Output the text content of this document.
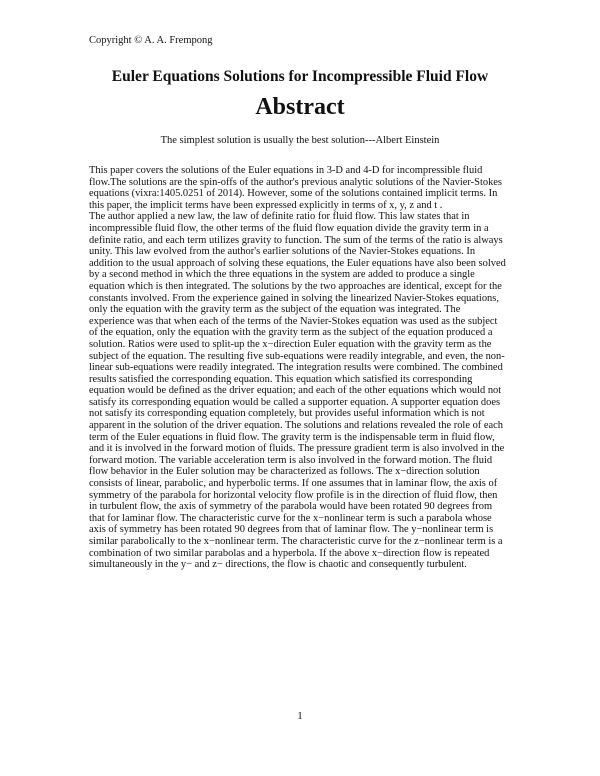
Copyright © A. A. Frempong
Euler Equations Solutions for Incompressible Fluid Flow
Abstract
The simplest solution is usually the best solution---Albert Einstein
This paper covers the solutions of the Euler equations in 3-D and 4-D for incompressible fluid
flow.The solutions are the spin-offs of the author's previous analytic solutions of the Navier-Stokes
equations (vixra:1405.0251 of 2014). However, some of the solutions contained implicit terms. In
this paper, the implicit terms have been expressed explicitly in terms of x, y, z and t .
The author applied a new law, the law of definite ratio for fluid flow. This law states that in
incompressible fluid flow, the other terms of the fluid flow equation divide the gravity term in a
definite ratio, and each term utilizes gravity to function. The sum of the terms of the ratio is always
unity. This law evolved from the author's earlier solutions of the Navier-Stokes equations. In
addition to the usual approach of solving these equations, the Euler equations have also been solved
by a second method in which the three equations in the system are added to produce a single
equation which is then integrated. The solutions by the two approaches are identical, except for the
constants involved. From the experience gained in solving the linearized Navier-Stokes equations,
only the equation with the gravity term as the subject of the equation was integrated. The
experience was that when each of the terms of the Navier-Stokes equation was used as the subject
of the equation, only the equation with the gravity term as the subject of the equation produced a
solution. Ratios were used to split-up the x−direction Euler equation with the gravity term as the
subject of the equation. The resulting five sub-equations were readily integrable, and even, the non-
linear sub-equations were readily integrated. The integration results were combined. The combined
results satisfied the corresponding equation. This equation which satisfied its corresponding
equation would be defined as the driver equation; and each of the other equations which would not
satisfy its corresponding equation would be called a supporter equation. A supporter equation does
not satisfy its corresponding equation completely, but provides useful information which is not
apparent in the solution of the driver equation. The solutions and relations revealed the role of each
term of the Euler equations in fluid flow. The gravity term is the indispensable term in fluid flow,
and it is involved in the forward motion of fluids. The pressure gradient term is also involved in the
forward motion. The variable acceleration term is also involved in the forward motion. The fluid
flow behavior in the Euler solution may be characterized as follows. The x−direction solution
consists of linear, parabolic, and hyperbolic terms. If one assumes that in laminar flow, the axis of
symmetry of the parabola for horizontal velocity flow profile is in the direction of fluid flow, then
in turbulent flow, the axis of symmetry of the parabola would have been rotated 90 degrees from
that for laminar flow. The characteristic curve for the x−nonlinear term is such a parabola whose
axis of symmetry has been rotated 90 degrees from that of laminar flow. The y−nonlinear term is
similar parabolically to the x−nonlinear term. The characteristic curve for the z−nonlinear term is a
combination of two similar parabolas and a hyperbola. If the above x−direction flow is repeated
simultaneously in the y− and z− directions, the flow is chaotic and consequently turbulent.
1
